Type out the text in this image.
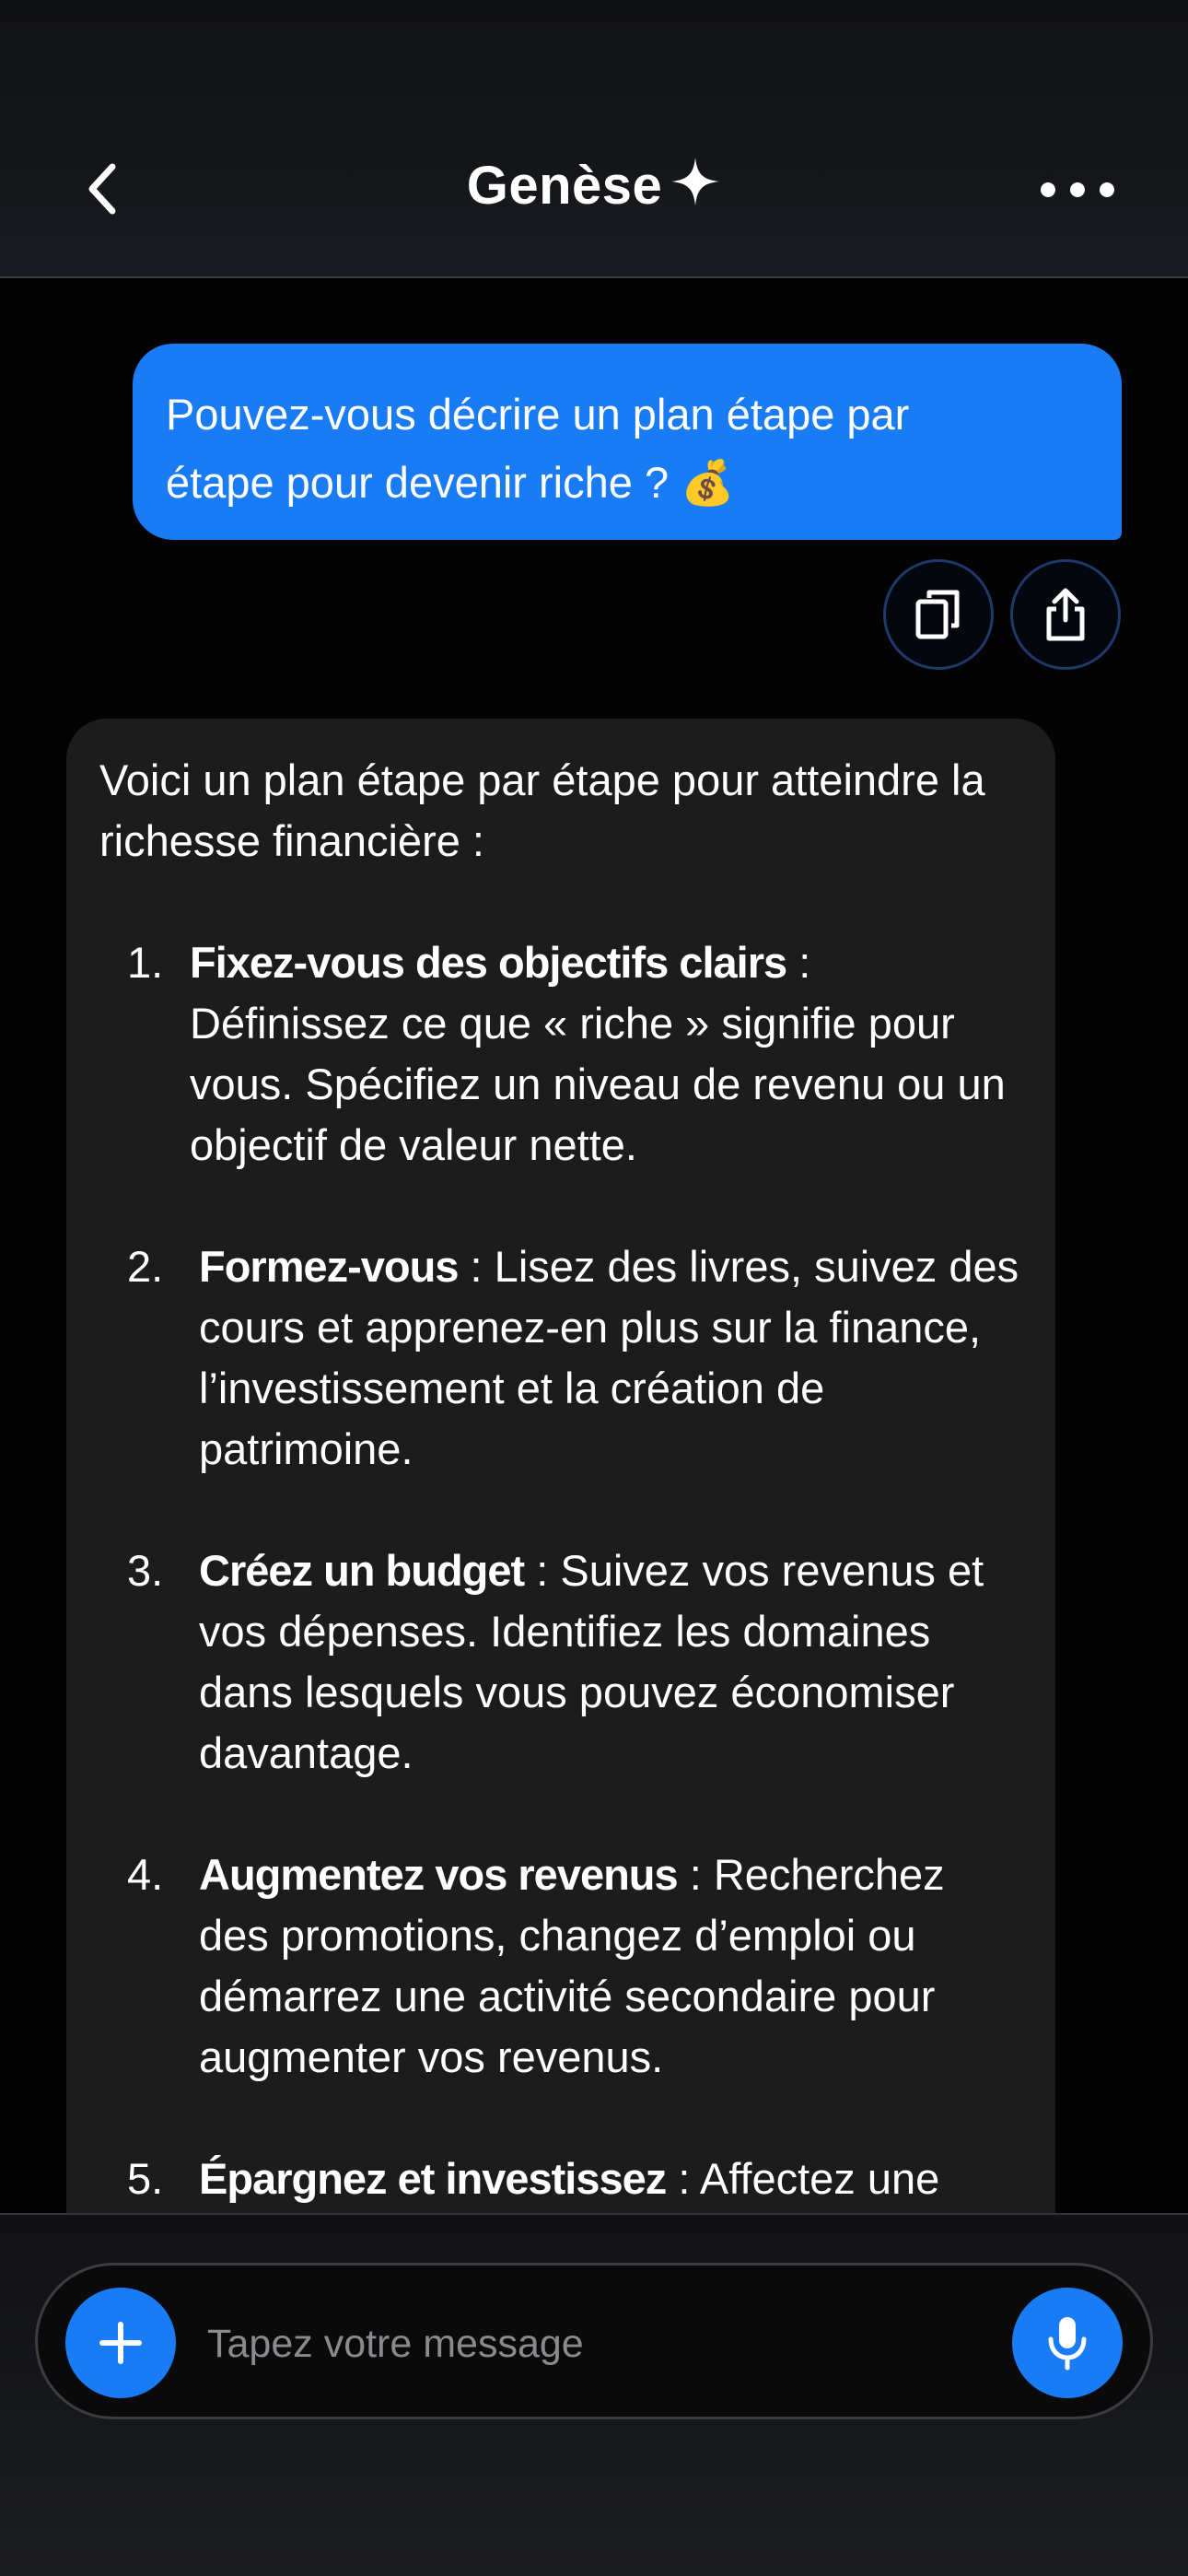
Genèse
Pouvez-vous décrire un plan étape par
étape pour devenir riche ? 💰
Voici un plan étape par étape pour atteindre la richesse financière :
1. Fixez-vous des objectifs clairs : Définissez ce que « riche » signifie pour vous. Spécifiez un niveau de revenu ou un objectif de valeur nette.
2. Formez-vous : Lisez des livres, suivez des cours et apprenez-en plus sur la finance, l’investissement et la création de patrimoine.
3. Créez un budget : Suivez vos revenus et vos dépenses. Identifiez les domaines dans lesquels vous pouvez économiser davantage.
4. Augmentez vos revenus : Recherchez des promotions, changez d’emploi ou démarrez une activité secondaire pour augmenter vos revenus.
5. Épargnez et investissez : Affectez une
Tapez votre message
